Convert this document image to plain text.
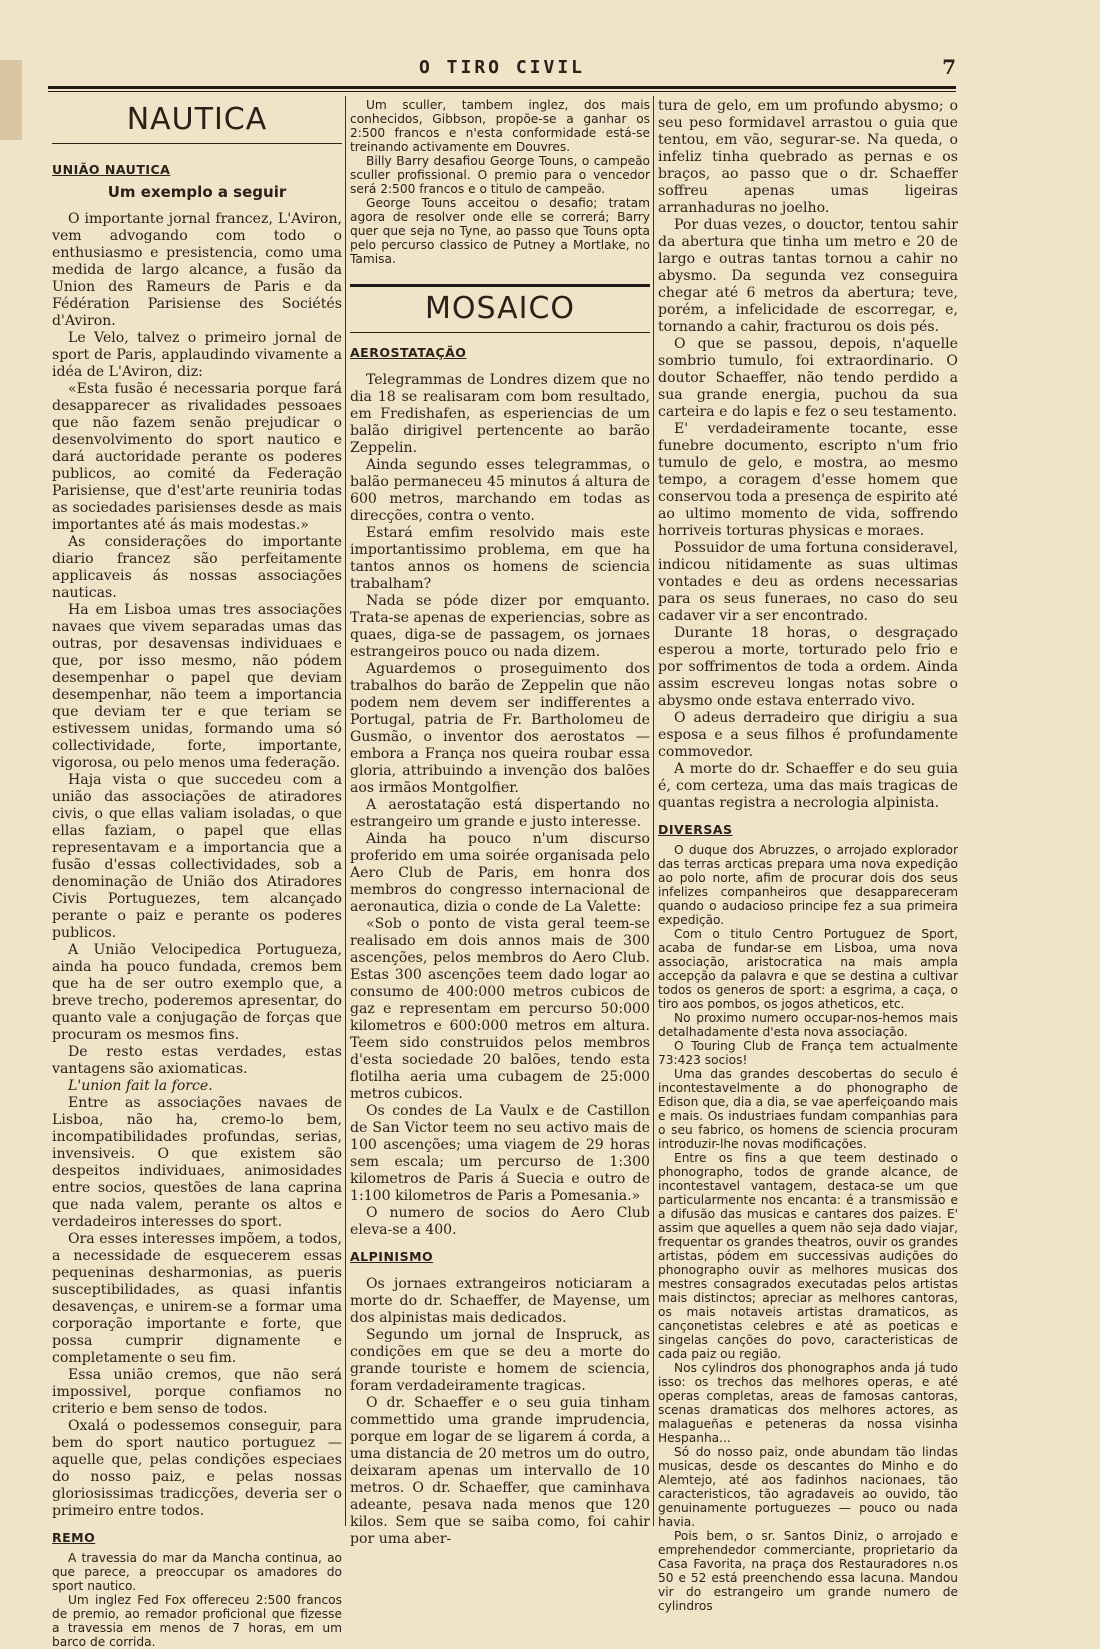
O TIRO CIVIL	7
NAUTICA
UNIÃO NAUTICA
Um exemplo a seguir

O importante jornal francez, L'Aviron, vem advogando com todo o enthusiasmo e presistencia, como uma medida de largo alcance, a fusão da Union des Rameurs de Paris e da Fédération Parisiense des Sociétés d'Aviron.

Le Velo, talvez o primeiro jornal de sport de Paris, applaudindo vivamente a idéa de L'Aviron, diz:

«Esta fusão é necessaria porque fará desapparecer as rivalidades pessoaes que não fazem senão prejudicar o desenvolvimento do sport nautico e dará auctoridade perante os poderes publicos, ao comité da Federação Parisiense, que d'est'arte reuniria todas as sociedades parisienses desde as mais importantes até ás mais modestas.»

As considerações do importante diario francez são perfeitamente applicaveis ás nossas associações nauticas.

Ha em Lisboa umas tres associações navaes que vivem separadas umas das outras, por desavensas individuaes e que, por isso mesmo, não pódem desempenhar o papel que deviam desempenhar, não teem a importancia que deviam ter e que teriam se estivessem unidas, formando uma só collectividade, forte, importante, vigorosa, ou pelo menos uma federação.

Haja vista o que succedeu com a união das associações de atiradores civis, o que ellas valiam isoladas, o que ellas faziam, o papel que ellas representavam e a importancia que a fusão d'essas collectividades, sob a denominação de União dos Atiradores Civis Portuguezes, tem alcançado perante o paiz e perante os poderes publicos.

A União Velocipedica Portugueza, ainda ha pouco fundada, cremos bem que ha de ser outro exemplo que, a breve trecho, poderemos apresentar, do quanto vale a conjugação de forças que procuram os mesmos fins.

De resto estas verdades, estas vantagens são axiomaticas.

L'union fait la force.

Entre as associações navaes de Lisboa, não ha, cremo-lo bem, incompatibilidades profundas, serias, invensiveis. O que existem são despeitos individuaes, animosidades entre socios, questões de lana caprina que nada valem, perante os altos e verdadeiros interesses do sport.

Ora esses interesses impõem, a todos, a necessidade de esquecerem essas pequeninas desharmonias, as pueris susceptibilidades, as quasi infantis desavenças, e unirem-se a formar uma corporação importante e forte, que possa cumprir dignamente e completamente o seu fim.

Essa união cremos, que não será impossivel, porque confiamos no criterio e bem senso de todos.

Oxalá o podessemos conseguir, para bem do sport nautico portuguez — aquelle que, pelas condições especiaes do nosso paiz, e pelas nossas gloriosissimas tradicções, deveria ser o primeiro entre todos.

REMO

A travessia do mar da Mancha continua, ao que parece, a preoccupar os amadores do sport nautico.

Um inglez Fed Fox offereceu 2:500 francos de premio, ao remador proficional que fizesse a travessia em menos de 7 horas, em um barco de corrida.

Um sculler, tambem inglez, dos mais conhecidos, Gibbson, propõe-se a ganhar os 2:500 francos e n'esta conformidade está-se treinando activamente em Douvres.

Billy Barry desafiou George Touns, o campeão sculler profissional. O premio para o vencedor será 2:500 francos e o titulo de campeão.

George Touns acceitou o desafio; tratam agora de resolver onde elle se correrá; Barry quer que seja no Tyne, ao passo que Touns opta pelo percurso classico de Putney a Mortlake, no Tamisa.

MOSAICO
AEROSTATAÇÃO

Telegrammas de Londres dizem que no dia 18 se realisaram com bom resultado, em Fredishafen, as esperiencias de um balão dirigivel pertencente ao barão Zeppelin.

Ainda segundo esses telegrammas, o balão permaneceu 45 minutos á altura de 600 metros, marchando em todas as direcções, contra o vento.

Estará emfim resolvido mais este importantissimo problema, em que ha tantos annos os homens de sciencia trabalham?

Nada se póde dizer por emquanto. Trata-se apenas de experiencias, sobre as quaes, diga-se de passagem, os jornaes estrangeiros pouco ou nada dizem.

Aguardemos o proseguimento dos trabalhos do barão de Zeppelin que não podem nem devem ser indifferentes a Portugal, patria de Fr. Bartholomeu de Gusmão, o inventor dos aerostatos — embora a França nos queira roubar essa gloria, attribuindo a invenção dos balões aos irmãos Montgolfier.

A aerostatação está dispertando no estrangeiro um grande e justo interesse.

Ainda ha pouco n'um discurso proferido em uma soirée organisada pelo Aero Club de Paris, em honra dos membros do congresso internacional de aeronautica, dizia o conde de La Valette:

«Sob o ponto de vista geral teem-se realisado em dois annos mais de 300 ascenções, pelos membros do Aero Club. Estas 300 ascenções teem dado logar ao consumo de 400:000 metros cubicos de gaz e representam em percurso 50:000 kilometros e 600:000 metros em altura. Teem sido construidos pelos membros d'esta sociedade 20 balões, tendo esta flotilha aeria uma cubagem de 25:000 metros cubicos.

Os condes de La Vaulx e de Castillon de San Victor teem no seu activo mais de 100 ascenções; uma viagem de 29 horas sem escala; um percurso de 1:300 kilometros de Paris á Suecia e outro de 1:100 kilometros de Paris a Pomesania.»

O numero de socios do Aero Club eleva-se a 400.

ALPINISMO

Os jornaes extrangeiros noticiaram a morte do dr. Schaeffer, de Mayense, um dos alpinistas mais dedicados.

Segundo um jornal de Inspruck, as condições em que se deu a morte do grande touriste e homem de sciencia, foram verdadeiramente tragicas.

O dr. Schaeffer e o seu guia tinham commettido uma grande imprudencia, porque em logar de se ligarem á corda, a uma distancia de 20 metros um do outro, deixaram apenas um intervallo de 10 metros. O dr. Schaeffer, que caminhava adeante, pesava nada menos que 120 kilos. Sem que se saiba como, foi cahir por uma aber-

tura de gelo, em um profundo abysmo; o seu peso formidavel arrastou o guia que tentou, em vão, segurar-se. Na queda, o infeliz tinha quebrado as pernas e os braços, ao passo que o dr. Schaeffer soffreu apenas umas ligeiras arranhaduras no joelho.

Por duas vezes, o douctor, tentou sahir da abertura que tinha um metro e 20 de largo e outras tantas tornou a cahir no abysmo. Da segunda vez conseguira chegar até 6 metros da abertura; teve, porém, a infelicidade de escorregar, e, tornando a cahir, fracturou os dois pés.

O que se passou, depois, n'aquelle sombrio tumulo, foi extraordinario. O doutor Schaeffer, não tendo perdido a sua grande energia, puchou da sua carteira e do lapis e fez o seu testamento.

E' verdadeiramente tocante, esse funebre documento, escripto n'um frio tumulo de gelo, e mostra, ao mesmo tempo, a coragem d'esse homem que conservou toda a presença de espirito até ao ultimo momento de vida, soffrendo horriveis torturas physicas e moraes.

Possuidor de uma fortuna consideravel, indicou nitidamente as suas ultimas vontades e deu as ordens necessarias para os seus funeraes, no caso do seu cadaver vir a ser encontrado.

Durante 18 horas, o desgraçado esperou a morte, torturado pelo frio e por soffrimentos de toda a ordem. Ainda assim escreveu longas notas sobre o abysmo onde estava enterrado vivo.

O adeus derradeiro que dirigiu a sua esposa e a seus filhos é profundamente commovedor.

A morte do dr. Schaeffer e do seu guia é, com certeza, uma das mais tragicas de quantas registra a necrologia alpinista.

DIVERSAS

O duque dos Abruzzes, o arrojado explorador das terras arcticas prepara uma nova expedição ao polo norte, afim de procurar dois dos seus infelizes companheiros que desappareceram quando o audacioso principe fez a sua primeira expedição.

Com o titulo Centro Portuguez de Sport, acaba de fundar-se em Lisboa, uma nova associação, aristocratica na mais ampla accepção da palavra e que se destina a cultivar todos os generos de sport: a esgrima, a caça, o tiro aos pombos, os jogos atheticos, etc.

No proximo numero occupar-nos-hemos mais detalhadamente d'esta nova associação.

O Touring Club de França tem actualmente 73:423 socios!

Uma das grandes descobertas do seculo é incontestavelmente a do phonographo de Edison que, dia a dia, se vae aperfeiçoando mais e mais. Os industriaes fundam companhias para o seu fabrico, os homens de sciencia procuram introduzir-lhe novas modificações.

Entre os fins a que teem destinado o phonographo, todos de grande alcance, de incontestavel vantagem, destaca-se um que particularmente nos encanta: é a transmissão e a difusão das musicas e cantares dos paizes. E' assim que aquelles a quem não seja dado viajar, frequentar os grandes theatros, ouvir os grandes artistas, pódem em successivas audições do phonographo ouvir as melhores musicas dos mestres consagrados executadas pelos artistas mais distinctos; apreciar as melhores cantoras, os mais notaveis artistas dramaticos, as cançonetistas celebres e até as poeticas e singelas canções do povo, caracteristicas de cada paiz ou região.

Nos cylindros dos phonographos anda já tudo isso: os trechos das melhores operas, e até operas completas, areas de famosas cantoras, scenas dramaticas dos melhores actores, as malagueñas e peteneras da nossa visinha Hespanha...

Só do nosso paiz, onde abundam tão lindas musicas, desde os descantes do Minho e do Alemtejo, até aos fadinhos nacionaes, tão caracteristicos, tão agradaveis ao ouvido, tão genuinamente portuguezes — pouco ou nada havia.

Pois bem, o sr. Santos Diniz, o arrojado e emprehendedor commerciante, proprietario da Casa Favorita, na praça dos Restauradores n.os 50 e 52 está preenchendo essa lacuna. Mandou vir do estrangeiro um grande numero de cylindros
